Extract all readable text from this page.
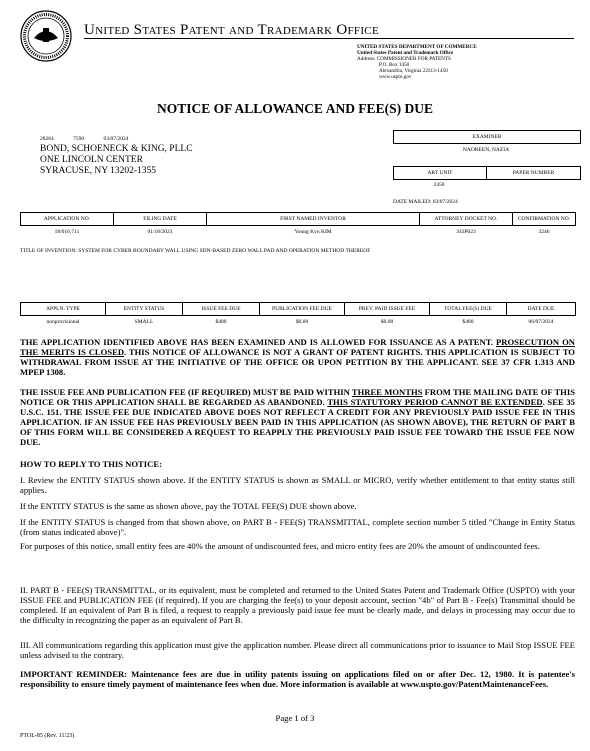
United States Patent and Trademark Office
UNITED STATES DEPARTMENT OF COMMERCE
United States Patent and Trademark Office
Address: COMMISSIONER FOR PATENTS
P.O. Box 1450
Alexandria, Virginia 22313-1450
www.uspto.gov
NOTICE OF ALLOWANCE AND FEE(S) DUE
28264	7590	03/07/2024
BOND, SCHOENECK & KING, PLLC
ONE LINCOLN CENTER
SYRACUSE, NY 13202-1355
EXAMINER
NAOREEN, NAZIA
ART UNIT	PAPER NUMBER
2458
DATE MAILED: 03/07/2024
APPLICATION NO.	FILING DATE	FIRST NAMED INVENTOR	ATTORNEY DOCKET NO.	CONFIRMATION NO.
18/016,711	01/18/2023	Young Kyu KIM	343P023	3246
TITLE OF INVENTION: SYSTEM FOR CYBER BOUNDARY WALL USING SDN-BASED ZERO WALL PAD AND OPERATION METHOD THEREOF
APPLN. TYPE	ENTITY STATUS	ISSUE FEE DUE	PUBLICATION FEE DUE	PREV. PAID ISSUE FEE	TOTAL FEE(S) DUE	DATE DUE
nonprovisional	SMALL	$480	$0.00	$0.00	$480	06/07/2024
THE APPLICATION IDENTIFIED ABOVE HAS BEEN EXAMINED AND IS ALLOWED FOR ISSUANCE AS A PATENT. PROSECUTION ON THE MERITS IS CLOSED. THIS NOTICE OF ALLOWANCE IS NOT A GRANT OF PATENT RIGHTS. THIS APPLICATION IS SUBJECT TO WITHDRAWAL FROM ISSUE AT THE INITIATIVE OF THE OFFICE OR UPON PETITION BY THE APPLICANT. SEE 37 CFR 1.313 AND MPEP 1308.
THE ISSUE FEE AND PUBLICATION FEE (IF REQUIRED) MUST BE PAID WITHIN THREE MONTHS FROM THE MAILING DATE OF THIS NOTICE OR THIS APPLICATION SHALL BE REGARDED AS ABANDONED. THIS STATUTORY PERIOD CANNOT BE EXTENDED. SEE 35 U.S.C. 151. THE ISSUE FEE DUE INDICATED ABOVE DOES NOT REFLECT A CREDIT FOR ANY PREVIOUSLY PAID ISSUE FEE IN THIS APPLICATION. IF AN ISSUE FEE HAS PREVIOUSLY BEEN PAID IN THIS APPLICATION (AS SHOWN ABOVE), THE RETURN OF PART B OF THIS FORM WILL BE CONSIDERED A REQUEST TO REAPPLY THE PREVIOUSLY PAID ISSUE FEE TOWARD THE ISSUE FEE NOW DUE.
HOW TO REPLY TO THIS NOTICE:
I. Review the ENTITY STATUS shown above. If the ENTITY STATUS is shown as SMALL or MICRO, verify whether entitlement to that entity status still applies.
If the ENTITY STATUS is the same as shown above, pay the TOTAL FEE(S) DUE shown above.
If the ENTITY STATUS is changed from that shown above, on PART B - FEE(S) TRANSMITTAL, complete section number 5 titled "Change in Entity Status (from status indicated above)".
For purposes of this notice, small entity fees are 40% the amount of undiscounted fees, and micro entity fees are 20% the amount of undiscounted fees.
II. PART B - FEE(S) TRANSMITTAL, or its equivalent, must be completed and returned to the United States Patent and Trademark Office (USPTO) with your ISSUE FEE and PUBLICATION FEE (if required). If you are charging the fee(s) to your deposit account, section "4b" of Part B - Fee(s) Transmittal should be completed. If an equivalent of Part B is filed, a request to reapply a previously paid issue fee must be clearly made, and delays in processing may occur due to the difficulty in recognizing the paper as an equivalent of Part B.
III. All communications regarding this application must give the application number. Please direct all communications prior to issuance to Mail Stop ISSUE FEE unless advised to the contrary.
IMPORTANT REMINDER: Maintenance fees are due in utility patents issuing on applications filed on or after Dec. 12, 1980. It is patentee's responsibility to ensure timely payment of maintenance fees when due. More information is available at www.uspto.gov/PatentMaintenanceFees.
Page 1 of 3
PTOL-85 (Rev. 11/23)
